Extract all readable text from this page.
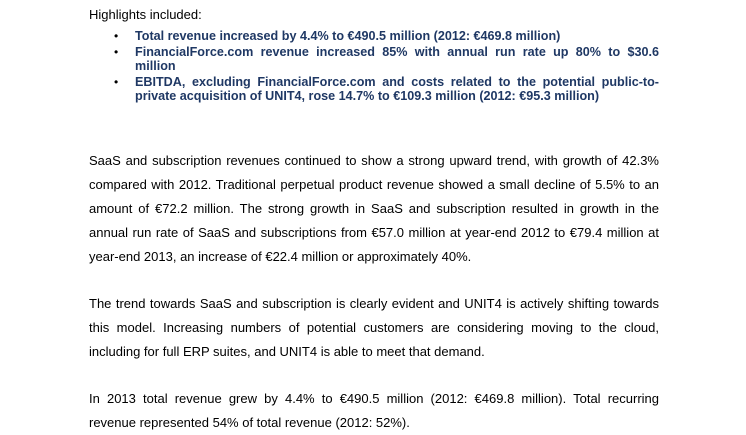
Highlights included:

• Total revenue increased by 4.4% to €490.5 million (2012: €469.8 million)
• FinancialForce.com revenue increased 85% with annual run rate up 80% to $30.6 million
• EBITDA, excluding FinancialForce.com and costs related to the potential public-to-private acquisition of UNIT4, rose 14.7% to €109.3 million (2012: €95.3 million)

SaaS and subscription revenues continued to show a strong upward trend, with growth of 42.3% compared with 2012. Traditional perpetual product revenue showed a small decline of 5.5% to an amount of €72.2 million. The strong growth in SaaS and subscription resulted in growth in the annual run rate of SaaS and subscriptions from €57.0 million at year-end 2012 to €79.4 million at year-end 2013, an increase of €22.4 million or approximately 40%.

The trend towards SaaS and subscription is clearly evident and UNIT4 is actively shifting towards this model. Increasing numbers of potential customers are considering moving to the cloud, including for full ERP suites, and UNIT4 is able to meet that demand.

In 2013 total revenue grew by 4.4% to €490.5 million (2012: €469.8 million). Total recurring revenue represented 54% of total revenue (2012: 52%).
